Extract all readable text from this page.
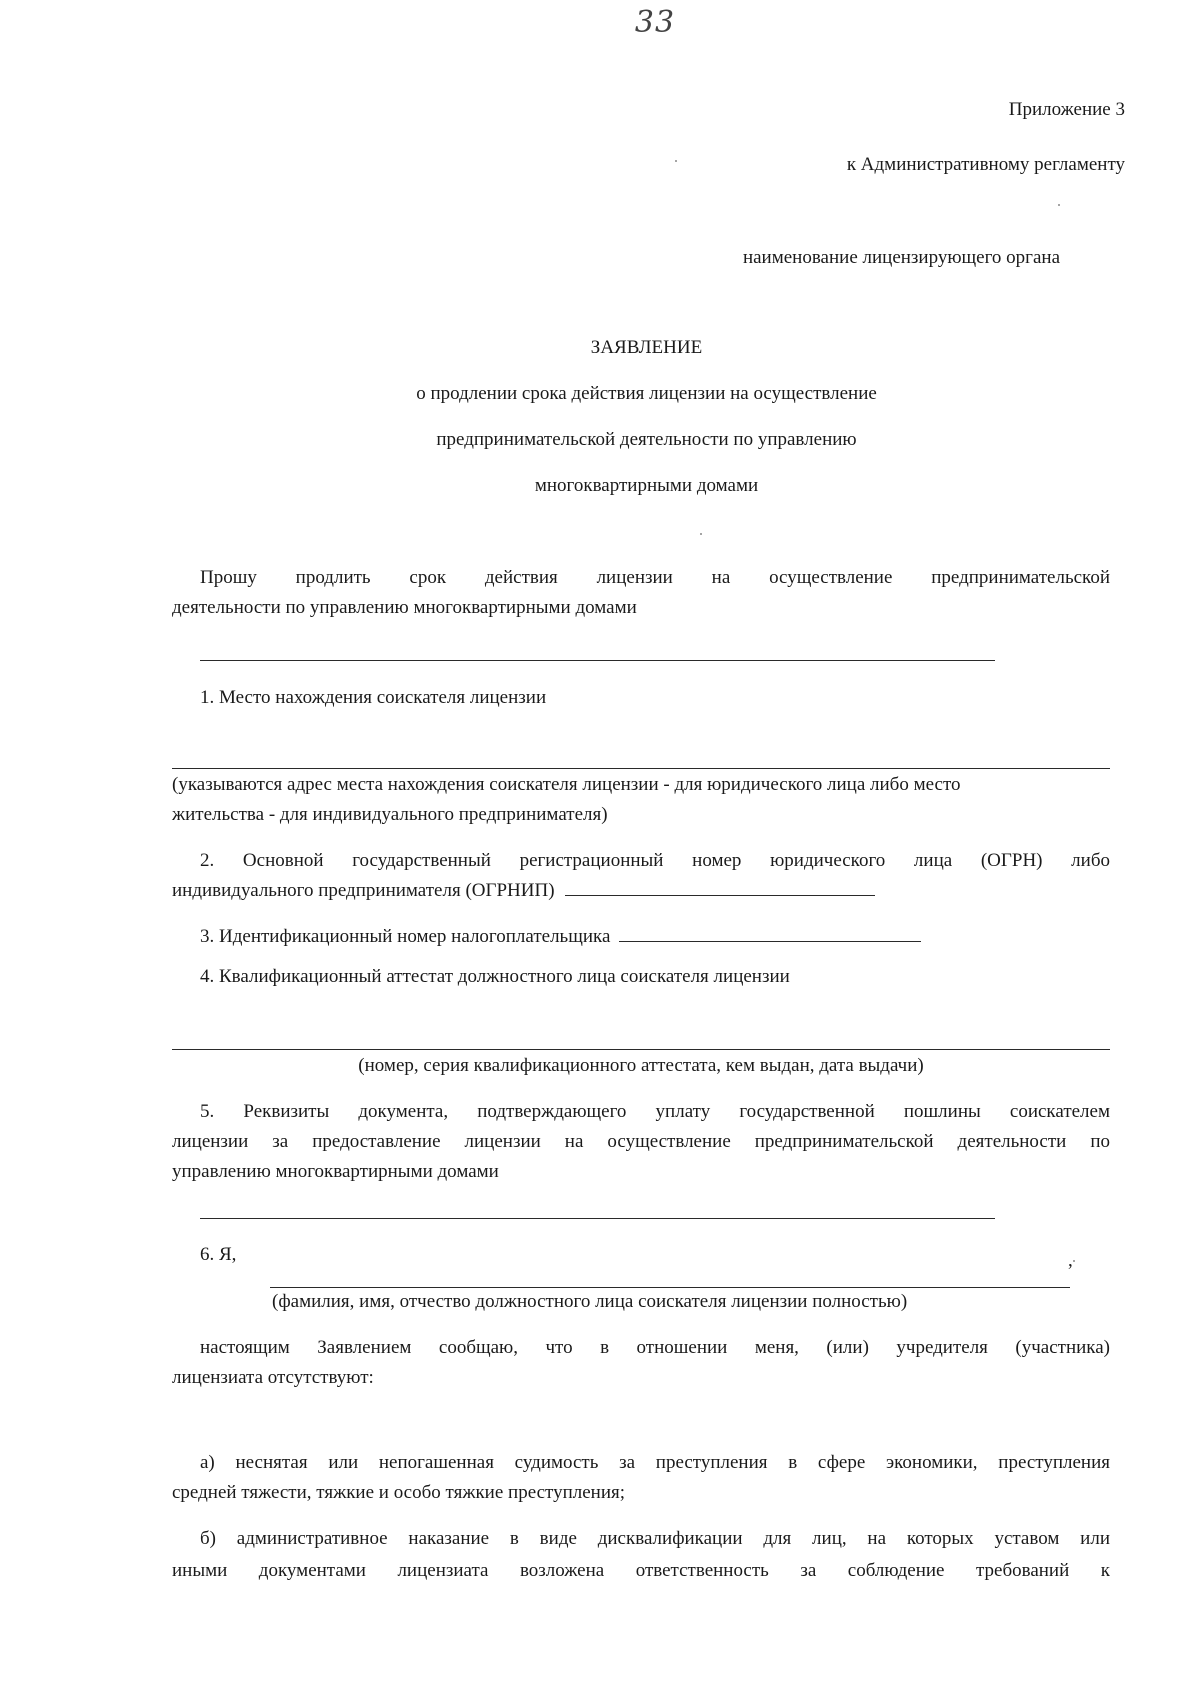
33
Приложение 3
к Административному регламенту
наименование лицензирующего органа
ЗАЯВЛЕНИЕ
о продлении срока действия лицензии на осуществление
предпринимательской деятельности по управлению
многоквартирными домами
Прошу продлить срок действия лицензии на осуществление предпринимательской
деятельности по управлению многоквартирными домами
1. Место нахождения соискателя лицензии
(указываются адрес места нахождения соискателя лицензии - для юридического лица либо место
жительства - для индивидуального предпринимателя)
2. Основной государственный регистрационный номер юридического лица (ОГРН) либо
индивидуального предпринимателя (ОГРНИП)
3. Идентификационный номер налогоплательщика
4. Квалификационный аттестат должностного лица соискателя лицензии
(номер, серия квалификационного аттестата, кем выдан, дата выдачи)
5. Реквизиты документа, подтверждающего уплату государственной пошлины соискателем
лицензии за предоставление лицензии на осуществление предпринимательской деятельности по
управлению многоквартирными домами
6. Я,	,
(фамилия, имя, отчество должностного лица соискателя лицензии полностью)
настоящим Заявлением сообщаю, что в отношении меня, (или) учредителя (участника)
лицензиата отсутствуют:
а) неснятая или непогашенная судимость за преступления в сфере экономики, преступления
средней тяжести, тяжкие и особо тяжкие преступления;
б) административное наказание в виде дисквалификации для лиц, на которых уставом или
иными документами лицензиата возложена ответственность за соблюдение требований к
